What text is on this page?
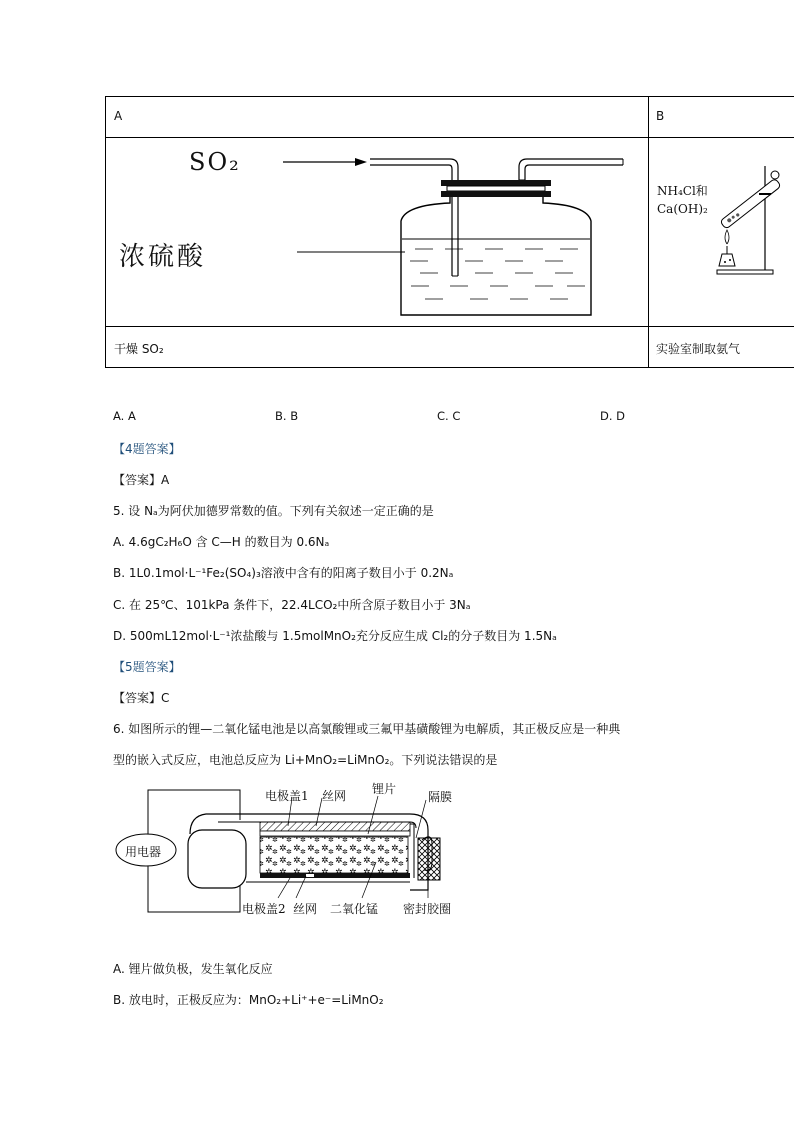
A	B
干燥 SO₂	实验室制取氨气
SO₂
浓硫酸
NH₄Cl和
Ca(OH)₂
A. A	B. B	C. C	D. D
【4题答案】
【答案】A
5. 设 Nₐ为阿伏加德罗常数的值。下列有关叙述一定正确的是
A. 4.6gC₂H₆O 含 C—H 的数目为 0.6Nₐ
B. 1L0.1mol·L⁻¹Fe₂(SO₄)₃溶液中含有的阳离子数目小于 0.2Nₐ
C. 在 25℃、101kPa 条件下，22.4LCO₂中所含原子数目小于 3Nₐ
D. 500mL12mol·L⁻¹浓盐酸与 1.5molMnO₂充分反应生成 Cl₂的分子数目为 1.5Nₐ
【5题答案】
【答案】C
6. 如图所示的锂—二氧化锰电池是以高氯酸锂或三氟甲基磺酸锂为电解质，其正极反应是一种典
型的嵌入式反应，电池总反应为 Li+MnO₂=LiMnO₂。下列说法错误的是
电极盖1 丝网 锂片
隔膜
用电器
电极盖2 丝网 二氧化锰 密封胶圈
A. 锂片做负极，发生氧化反应
B. 放电时，正极反应为：MnO₂+Li⁺+e⁻=LiMnO₂
